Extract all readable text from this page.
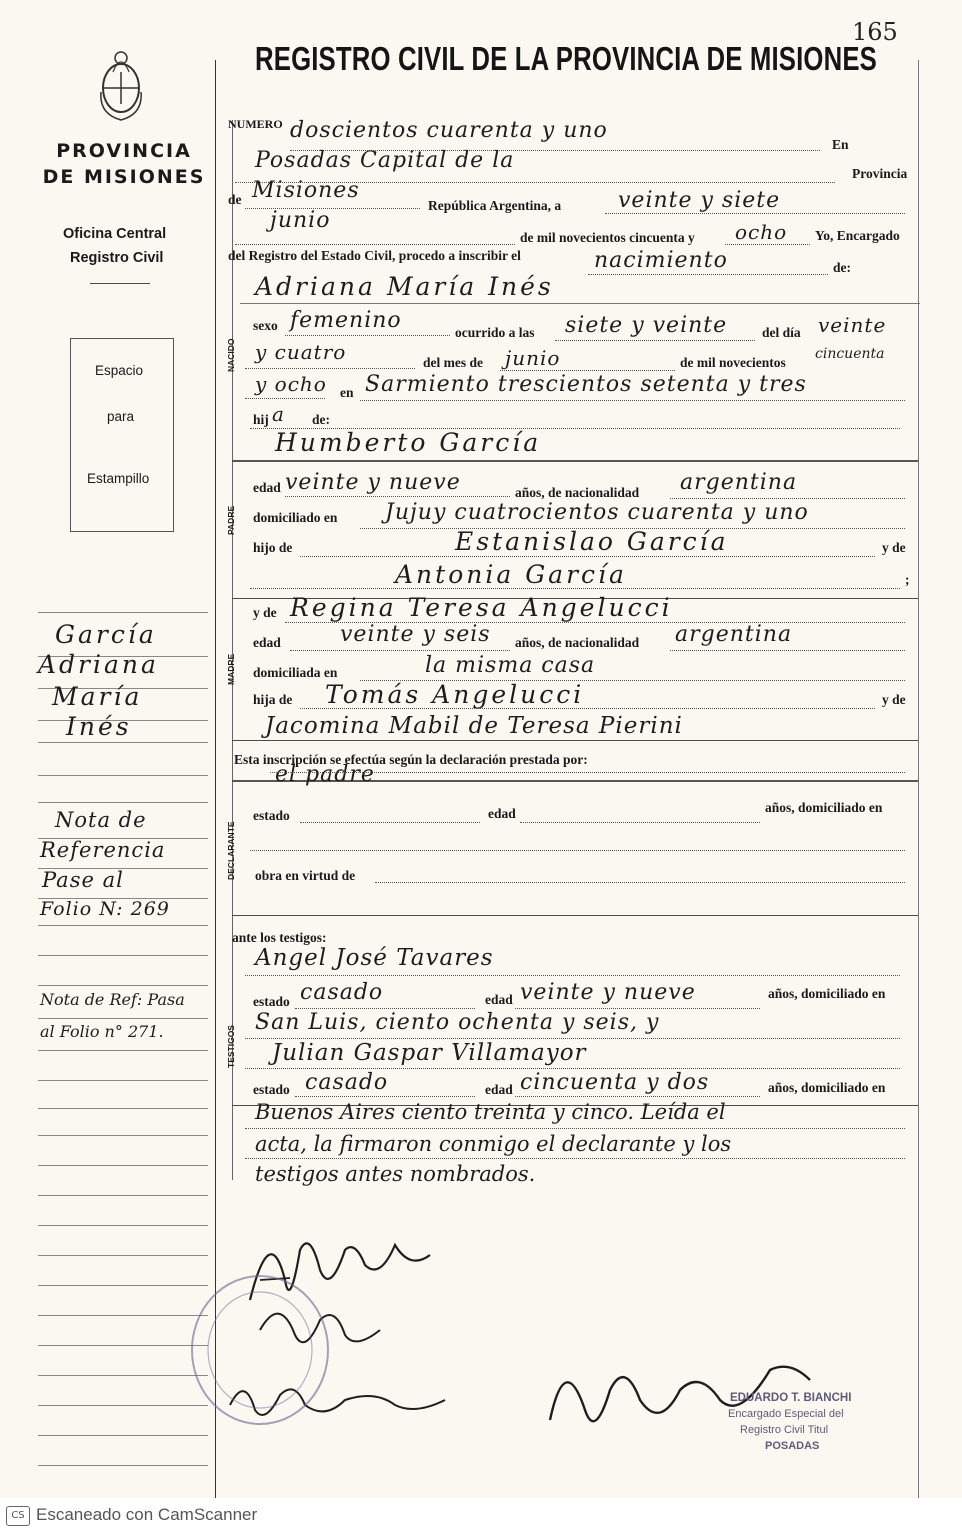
165
REGISTRO CIVIL DE LA PROVINCIA DE MISIONES
PROVINCIA DE MISIONES
Oficina Central
Registro Civil
Espacio
para
Estampillo
García
Adriana
María
Inés
Nota de
Referencia
Pase al
Folio N: 269
Nota de Ref: Pasa
al Folio n° 271.
NACIDO
PADRE
MADRE
DECLARANTE
TESTIGOS
NUMERO doscientos cuarenta y uno
En
Posadas Capital de la
Provincia
de Misiones
República Argentina, a	veinte y siete
junio
de mil novecientos cincuenta y ocho Yo, Encargado
del Registro del Estado Civil, procedo a inscribir el	nacimiento	de:
Adriana María Inés
sexo femenino	ocurrido a las siete y veinte	del día veinte
y cuatro	del mes de junio	de mil novecientos
cincuenta
y ocho en Sarmiento trescientos setenta y tres
hij a de:
Humberto García
edad veinte y nueve	años, de nacionalidad argentina
domiciliado en Jujuy cuatrocientos cuarenta y uno
hijo de	Estanislao García	y de
Antonia García	;
y de Regina Teresa Angelucci
edad	veinte y seis años, de nacionalidad argentina
domiciliada en	la misma casa
hija de Tomás Angelucci	y de
Jacomina Mabil de Teresa Pierini
Esta inscripción se efectúa según la declaración prestada por:
el padre
estado	edad	años, domiciliado en
obra en virtud de
ante los testigos:
Angel José Tavares
estado casado	edad veinte y nueve	años, domiciliado en
San Luis, ciento ochenta y seis, y
Julian Gaspar Villamayor
estado casado	edad cincuenta y dos	años, domiciliado en
Buenos Aires ciento treinta y cinco. Leída el
acta, la firmaron conmigo el declarante y los
testigos antes nombrados.
EDUARDO T. BIANCHI
Encargado Especial del
Registro Civil Titul
POSADAS
CS Escaneado con CamScanner
